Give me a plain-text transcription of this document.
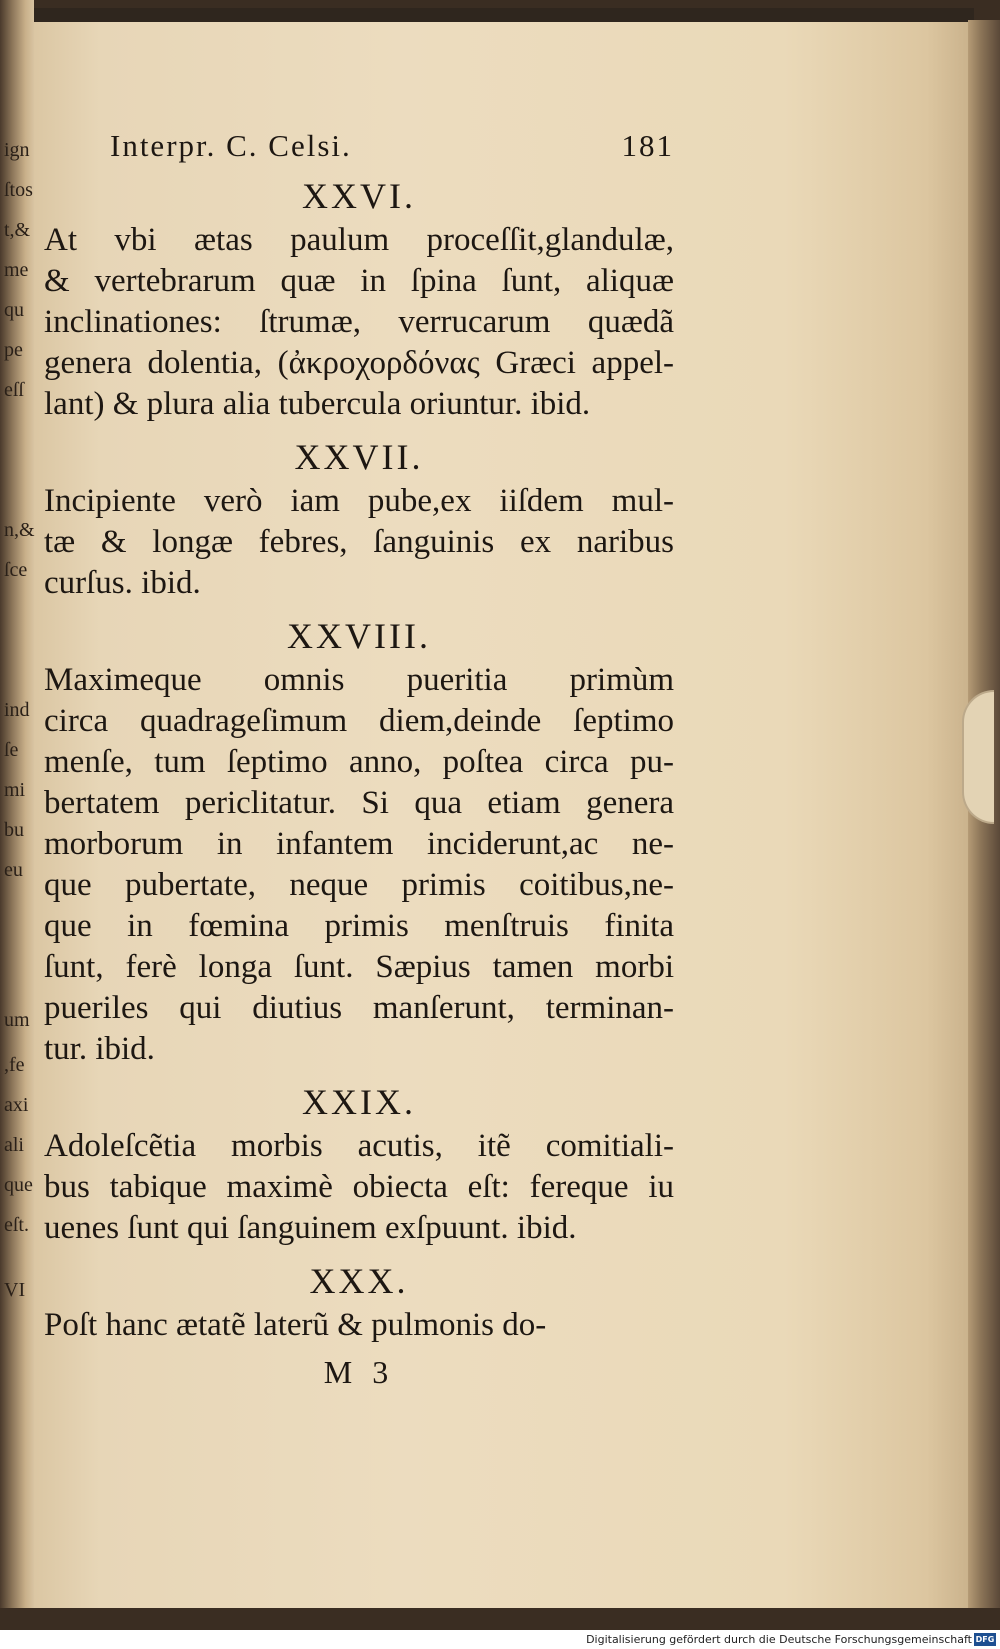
ign
ſtos
t,&
me
qu
pe
eſſ
n,&
ſce
ind
ſe
mi
bu
eu
um
,fe
axi
ali
que
eſt.
VI
Interpr. C. Celsi.	181
XXVI.
At vbi ætas paulum proceſſit,glandulæ,
& vertebrarum quæ in ſpina ſunt, aliquæ
inclinationes: ſtrumæ, verrucarum quædã
genera dolentia, (ἀκροχορδόνας Græci appel-
lant) & plura alia tubercula oriuntur. ibid.
XXVII.
Incipiente verò iam pube,ex iiſdem mul-
tæ & longæ febres, ſanguinis ex naribus
curſus. ibid.
XXVIII.
Maximeque omnis pueritia primùm
circa quadrageſimum diem,deinde ſeptimo
menſe, tum ſeptimo anno, poſtea circa pu-
bertatem periclitatur. Si qua etiam genera
morborum in infantem inciderunt,ac ne-
que pubertate, neque primis coitibus,ne-
que in fœmina primis menſtruis finita
ſunt, ferè longa ſunt. Sæpius tamen morbi
pueriles qui diutius manſerunt, terminan-
tur. ibid.
XXIX.
Adoleſcẽtia morbis acutis, itẽ comitiali-
bus tabique maximè obiecta eſt: fereque iu
uenes ſunt qui ſanguinem exſpuunt. ibid.
XXX.
Poſt hanc ætatẽ laterũ & pulmonis do-
M 3
Digitalisierung gefördert durch die Deutsche Forschungsgemeinschaft DFG
